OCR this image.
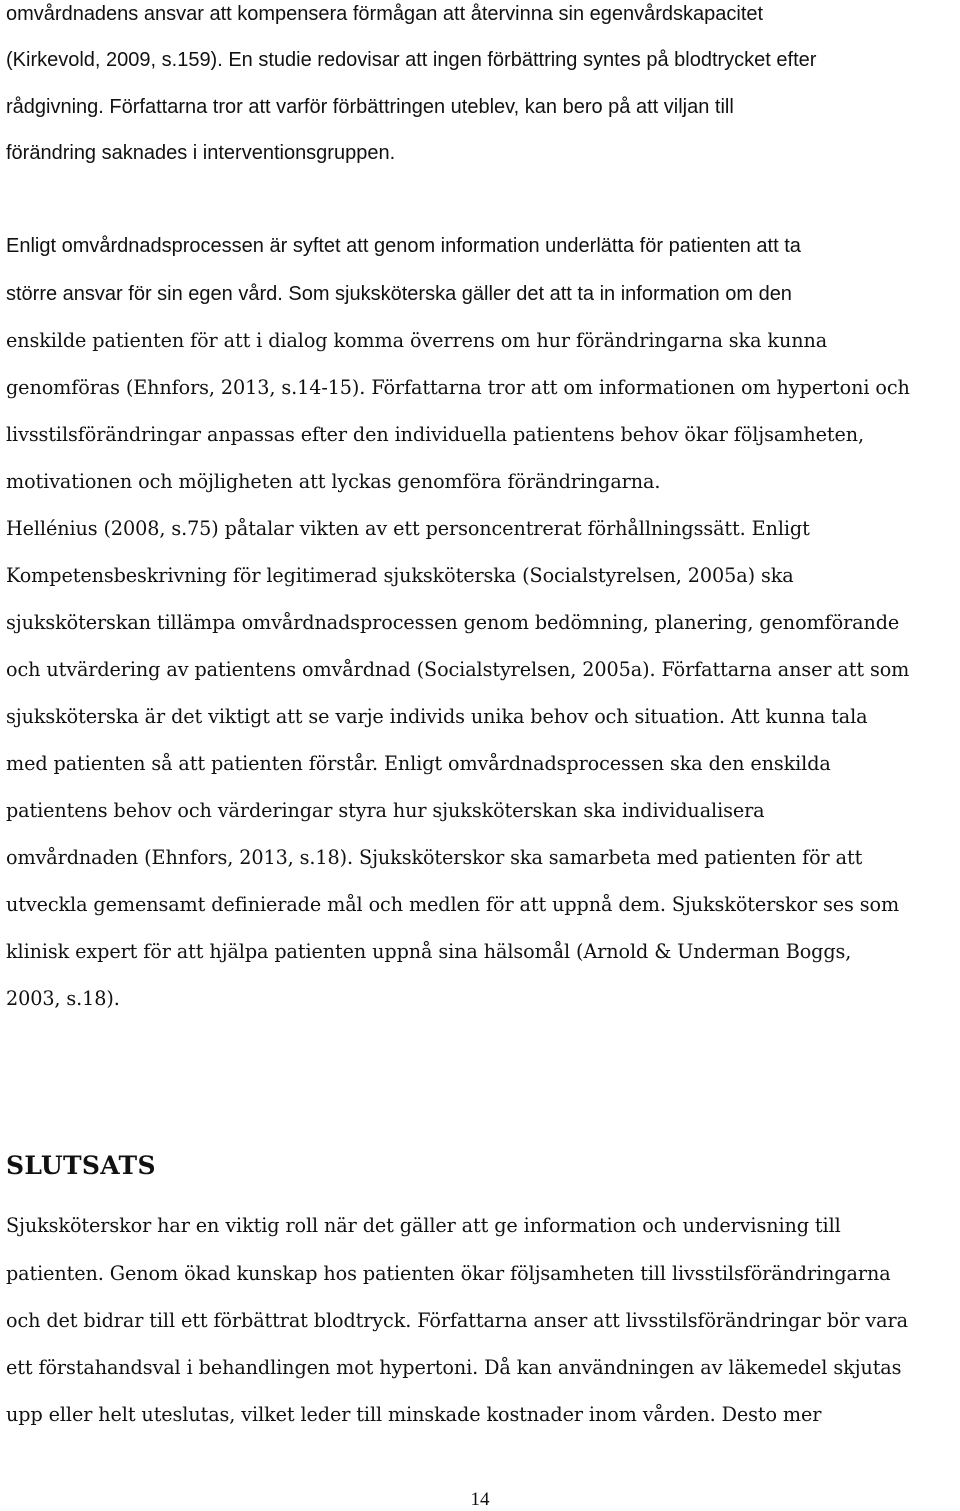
omvårdnadens ansvar att kompensera förmågan att återvinna sin egenvårdskapacitet
(Kirkevold, 2009, s.159). En studie redovisar att ingen förbättring syntes på blodtrycket efter
rådgivning. Författarna tror att varför förbättringen uteblev, kan bero på att viljan till
förändring saknades i interventionsgruppen.
Enligt omvårdnadsprocessen är syftet att genom information underlätta för patienten att ta
större ansvar för sin egen vård. Som sjuksköterska gäller det att ta in information om den
enskilde patienten för att i dialog komma överrens om hur förändringarna ska kunna
genomföras (Ehnfors, 2013, s.14-15). Författarna tror att om informationen om hypertoni och
livsstilsförändringar anpassas efter den individuella patientens behov ökar följsamheten,
motivationen och möjligheten att lyckas genomföra förändringarna.
Hellénius (2008, s.75) påtalar vikten av ett personcentrerat förhållningssätt. Enligt
Kompetensbeskrivning för legitimerad sjuksköterska (Socialstyrelsen, 2005a) ska
sjuksköterskan tillämpa omvårdnadsprocessen genom bedömning, planering, genomförande
och utvärdering av patientens omvårdnad (Socialstyrelsen, 2005a). Författarna anser att som
sjuksköterska är det viktigt att se varje individs unika behov och situation. Att kunna tala
med patienten så att patienten förstår. Enligt omvårdnadsprocessen ska den enskilda
patientens behov och värderingar styra hur sjuksköterskan ska individualisera
omvårdnaden (Ehnfors, 2013, s.18). Sjuksköterskor ska samarbeta med patienten för att
utveckla gemensamt definierade mål och medlen för att uppnå dem. Sjuksköterskor ses som
klinisk expert för att hjälpa patienten uppnå sina hälsomål (Arnold & Underman Boggs,
2003, s.18).
SLUTSATS
Sjuksköterskor har en viktig roll när det gäller att ge information och undervisning till
patienten. Genom ökad kunskap hos patienten ökar följsamheten till livsstilsförändringarna
och det bidrar till ett förbättrat blodtryck. Författarna anser att livsstilsförändringar bör vara
ett förstahandsval i behandlingen mot hypertoni. Då kan användningen av läkemedel skjutas
upp eller helt uteslutas, vilket leder till minskade kostnader inom vården. Desto mer
14
